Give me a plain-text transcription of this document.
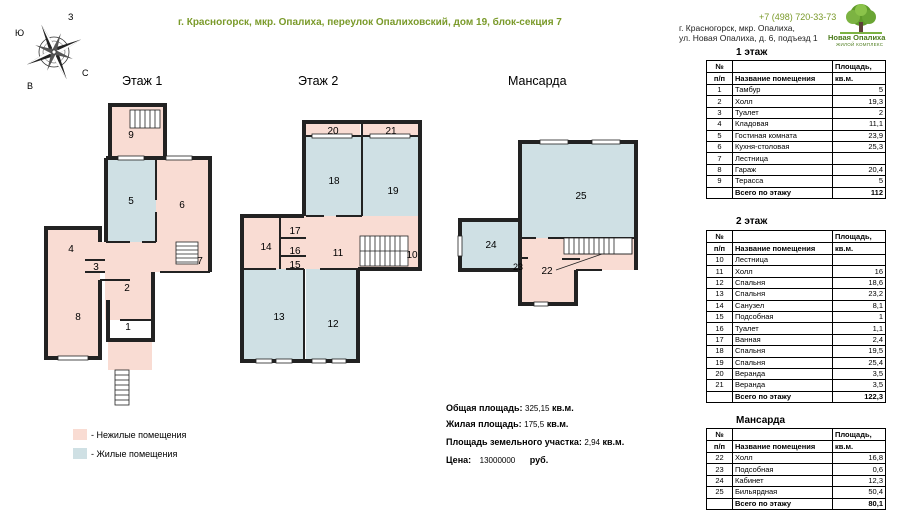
г. Красногорск, мкр. Опалиха, переулок Опалиховский, дом 19, блок-секция 7	+7 (498) 720-33-73
г. Красногорск, мкр. Опалиха,
ул. Новая Опалиха, д. 6, подъезд 1 Новая Опалиха
ЖИЛОЙ КОМПЛЕКС
З
Ю
С
В	Этаж 1	Этаж 2	Мансарда
9
5	6
7
4
3
2
8
1
20	21
18
19
14
17
16
15
11	10
13
12
25
24
23 22
- Нежилые помещения
- Жилые помещения
Общая площадь: 325,15 кв.м.
Жилая площадь: 175,5 кв.м.
Площадь земельного участка: 2,94 кв.м.
Цена: 13000000 руб.
1 этаж
№		Площадь,
п/п	Название помещения	кв.м.
1	Тамбур	5
2	Холл	19,3
3	Туалет	2
4	Кладовая	11,1
5	Гостиная комната	23,9
6	Кухня-столовая	25,3
7	Лестница	
8	Гараж	20,4
9	Терасса	5
	Всего по этажу	112
2 этаж
№		Площадь,
п/п	Название помещения	кв.м.
10	Лестница	
11	Холл	16
12	Спальня	18,6
13	Спальня	23,2
14	Санузел	8,1
15	Подсобная	1
16	Туалет	1,1
17	Ванная	2,4
18	Спальня	19,5
19	Спальня	25,4
20	Веранда	3,5
21	Веранда	3,5
	Всего по этажу	122,3
Мансарда
№		Площадь,
п/п	Название помещения	кв.м.
22	Холл	16,8
23	Подсобная	0,6
24	Кабинет	12,3
25	Бильярдная	50,4
	Всего по этажу	80,1
